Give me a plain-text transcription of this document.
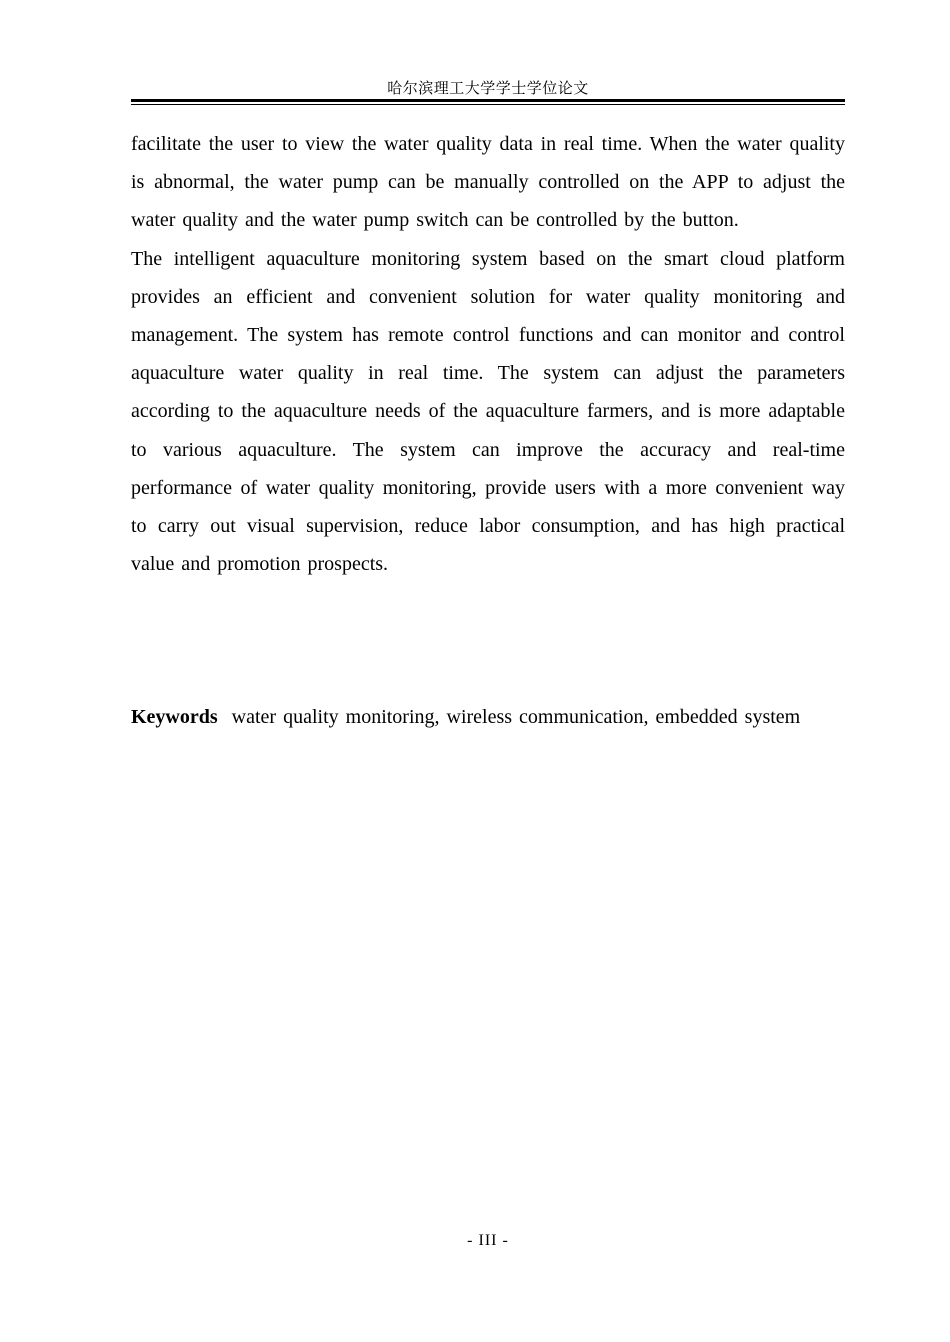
哈尔滨理工大学学士学位论文

facilitate the user to view the water quality data in real time. When the water quality is abnormal, the water pump can be manually controlled on the APP to adjust the water quality and the water pump switch can be controlled by the button.

The intelligent aquaculture monitoring system based on the smart cloud platform provides an efficient and convenient solution for water quality monitoring and management. The system has remote control functions and can monitor and control aquaculture water quality in real time. The system can adjust the parameters according to the aquaculture needs of the aquaculture farmers, and is more adaptable to various aquaculture. The system can improve the accuracy and real-time performance of water quality monitoring, provide users with a more convenient way to carry out visual supervision, reduce labor consumption, and has high practical value and promotion prospects.

Keywords water quality monitoring, wireless communication, embedded system

- III -
